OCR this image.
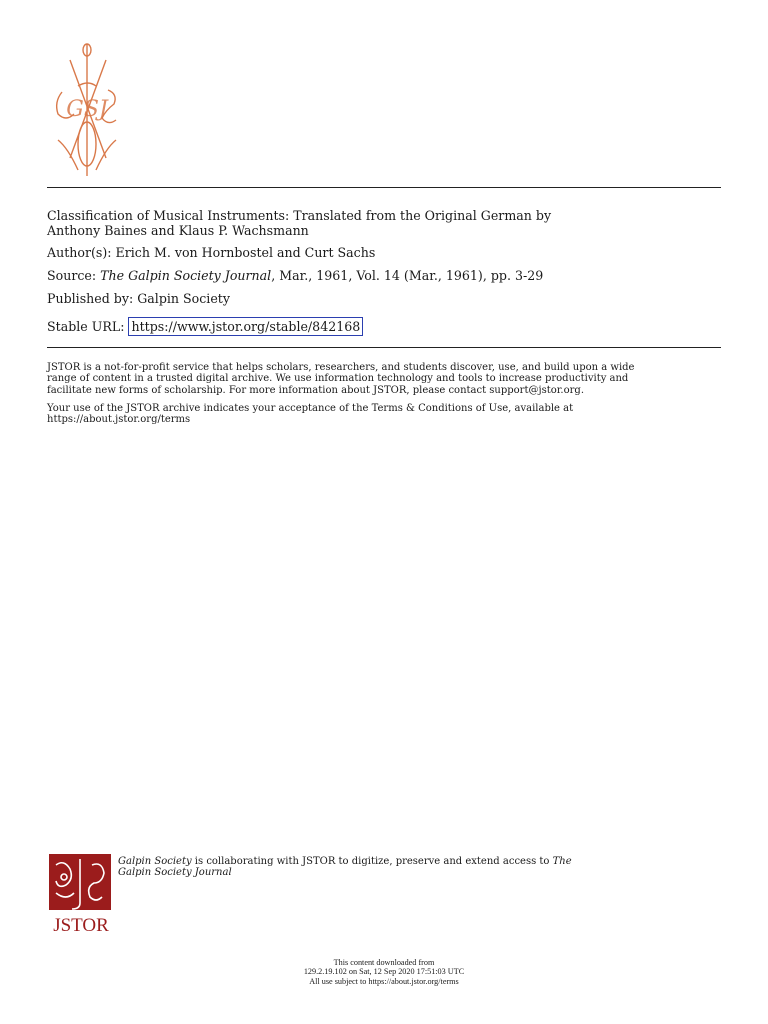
GSJ
Classification of Musical Instruments: Translated from the Original German by
Anthony Baines and Klaus P. Wachsmann
Author(s): Erich M. von Hornbostel and Curt Sachs
Source: The Galpin Society Journal, Mar., 1961, Vol. 14 (Mar., 1961), pp. 3-29
Published by: Galpin Society
Stable URL: https://www.jstor.org/stable/842168
JSTOR is a not-for-profit service that helps scholars, researchers, and students discover, use, and build upon a wide
range of content in a trusted digital archive. We use information technology and tools to increase productivity and
facilitate new forms of scholarship. For more information about JSTOR, please contact support@jstor.org.
Your use of the JSTOR archive indicates your acceptance of the Terms & Conditions of Use, available at
https://about.jstor.org/terms
JSTOR
Galpin Society is collaborating with JSTOR to digitize, preserve and extend access to The
Galpin Society Journal
This content downloaded from
129.2.19.102 on Sat, 12 Sep 2020 17:51:03 UTC
All use subject to https://about.jstor.org/terms
